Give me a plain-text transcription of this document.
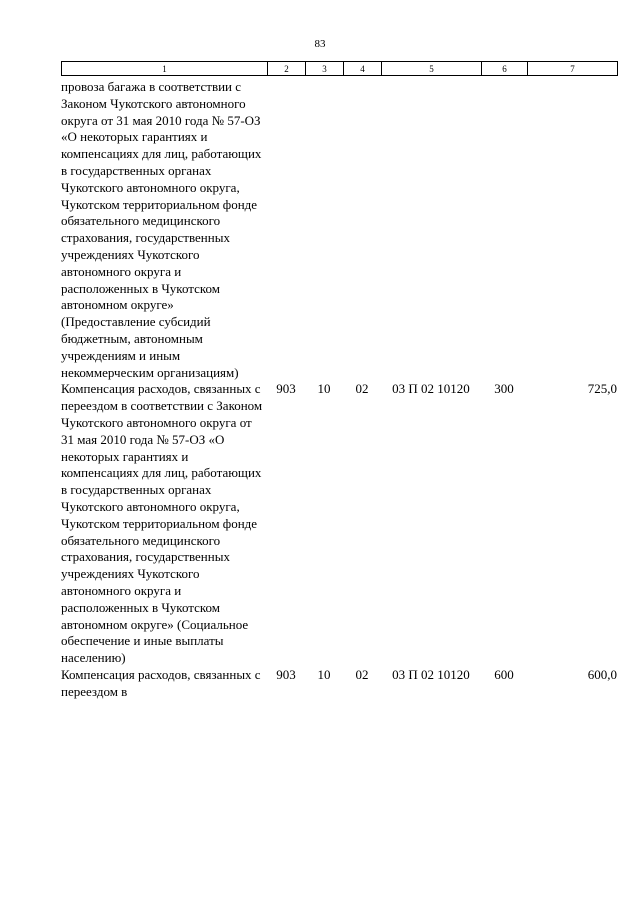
83
1	2	3	4	5	6	7
провоза багажа в соответствии с Законом Чукотского автономного округа от 31 мая 2010 года № 57-ОЗ «О некоторых гарантиях и компенсациях для лиц, работающих в государственных органах Чукотского автономного округа, Чукотском территориальном фонде обязательного медицинского страхования, государственных учреждениях Чукотского автономного округа и расположенных в Чукотском автономном округе» (Предоставление субсидий бюджетным, автономным учреждениям и иным некоммерческим организациям)						
Компенсация расходов, связанных с переездом в соответствии с Законом Чукотского автономного округа от 31 мая 2010 года № 57-ОЗ «О некоторых гарантиях и компенсациях для лиц, работающих в государственных органах Чукотского автономного округа, Чукотском территориальном фонде обязательного медицинского страхования, государственных учреждениях Чукотского автономного округа и расположенных в Чукотском автономном округе» (Социальное обеспечение и иные выплаты населению)	903	10	02	03 П 02 10120	300	725,0
Компенсация расходов, связанных с переездом в	903	10	02	03 П 02 10120	600	600,0
